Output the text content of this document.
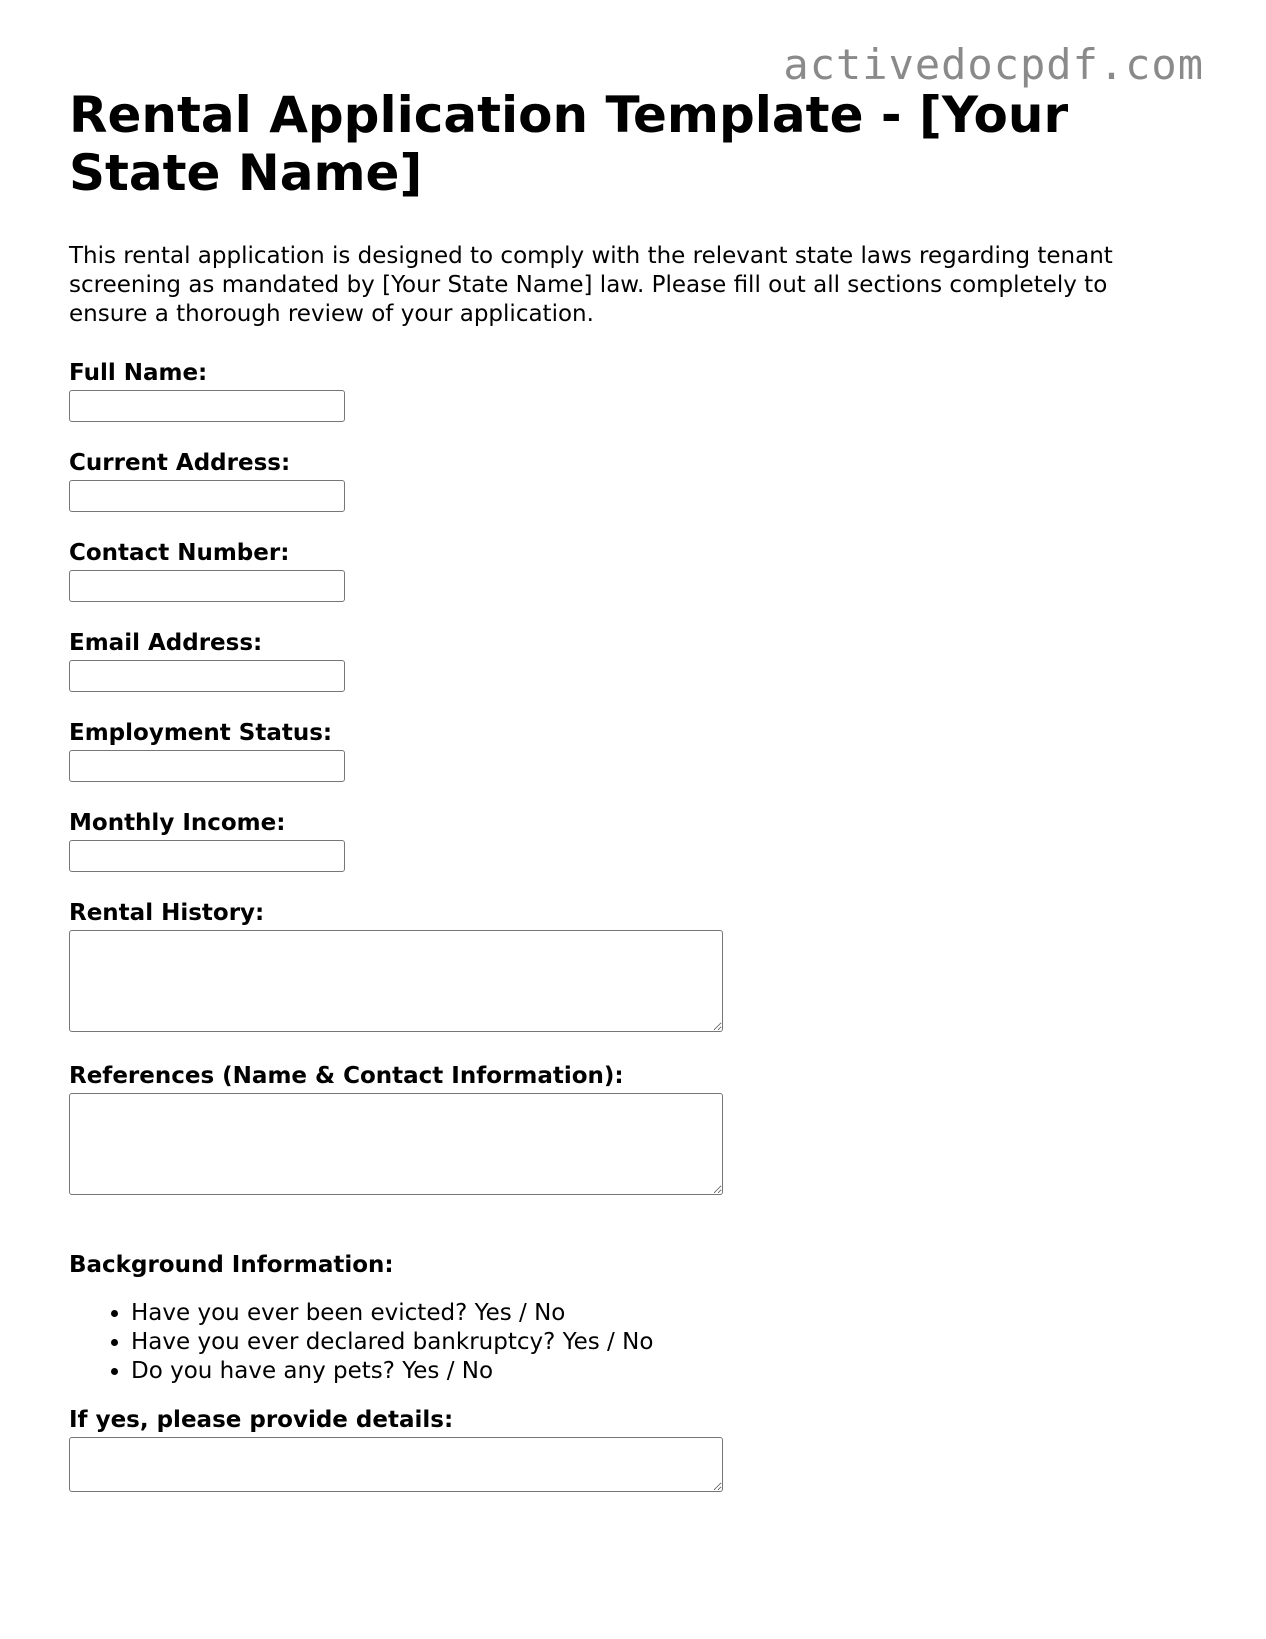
activedocpdf.com
Rental Application Template - [Your State Name]

This rental application is designed to comply with the relevant state laws regarding tenant screening as mandated by [Your State Name] law. Please fill out all sections completely to ensure a thorough review of your application.

Full Name:
Current Address:
Contact Number:
Email Address:
Employment Status:
Monthly Income:
Rental History:
References (Name & Contact Information):
Background Information:
• Have you ever been evicted? Yes / No
• Have you ever declared bankruptcy? Yes / No
• Do you have any pets? Yes / No
If yes, please provide details:
